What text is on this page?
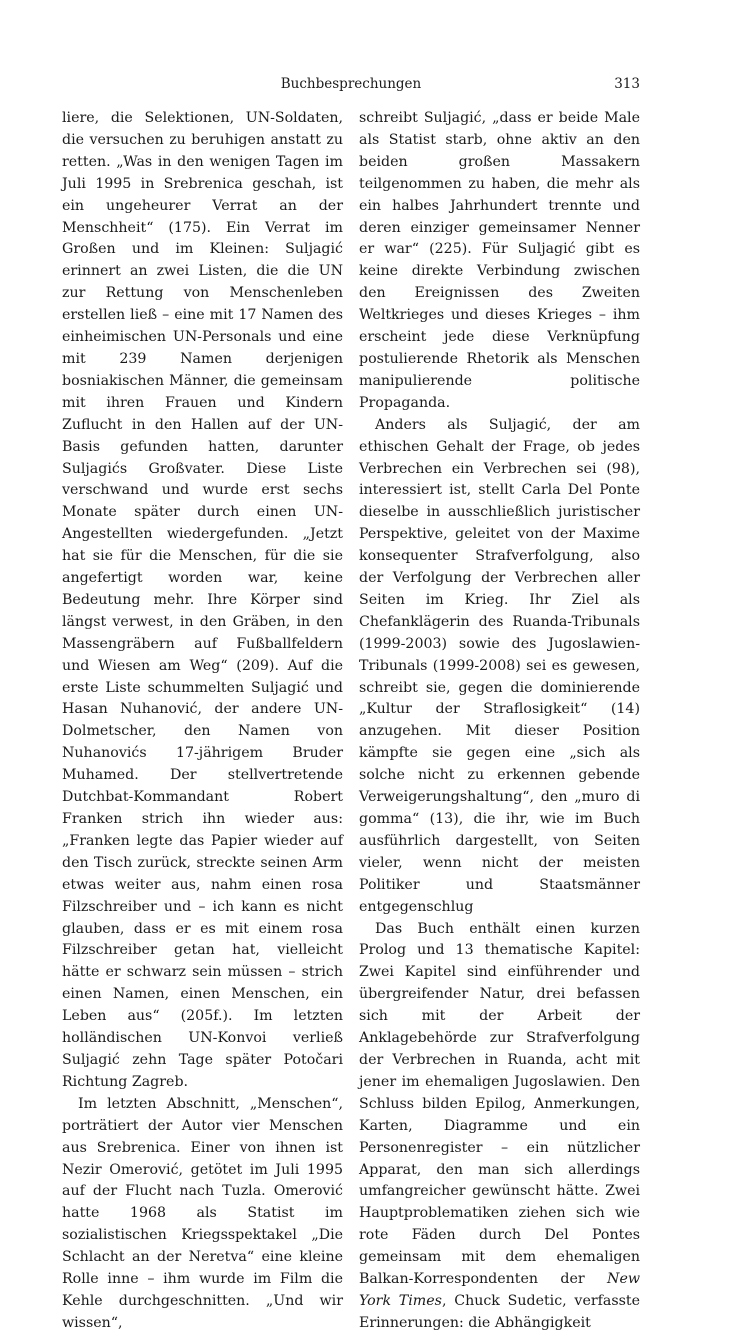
Buchbesprechungen	313

liere, die Selektionen, UN-Soldaten, die versuchen zu beruhigen anstatt zu retten. „Was in den wenigen Tagen im Juli 1995 in Srebrenica geschah, ist ein ungeheurer Verrat an der Menschheit“ (175). Ein Verrat im Großen und im Kleinen: Suljagić erinnert an zwei Listen, die die UN zur Rettung von Menschenleben erstellen ließ – eine mit 17 Namen des einheimischen UN-Personals und eine mit 239 Namen derjenigen bosniakischen Männer, die gemeinsam mit ihren Frauen und Kindern Zuflucht in den Hallen auf der UN-Basis gefunden hatten, darunter Suljagićs Großvater. Diese Liste verschwand und wurde erst sechs Monate später durch einen UN-Angestellten wiedergefunden. „Jetzt hat sie für die Menschen, für die sie angefertigt worden war, keine Bedeutung mehr. Ihre Körper sind längst verwest, in den Gräben, in den Massengräbern auf Fußballfeldern und Wiesen am Weg“ (209). Auf die erste Liste schummelten Suljagić und Hasan Nuhanović, der andere UN-Dolmetscher, den Namen von Nuhanovićs 17-jährigem Bruder Muhamed. Der stellvertretende Dutchbat-Kommandant Robert Franken strich ihn wieder aus: „Franken legte das Papier wieder auf den Tisch zurück, streckte seinen Arm etwas weiter aus, nahm einen rosa Filzschreiber und – ich kann es nicht glauben, dass er es mit einem rosa Filzschreiber getan hat, vielleicht hätte er schwarz sein müssen – strich einen Namen, einen Menschen, ein Leben aus“ (205f.). Im letzten holländischen UN-Konvoi verließ Suljagić zehn Tage später Potočari Richtung Zagreb.

Im letzten Abschnitt, „Menschen“, porträtiert der Autor vier Menschen aus Srebrenica. Einer von ihnen ist Nezir Omerović, getötet im Juli 1995 auf der Flucht nach Tuzla. Omerović hatte 1968 als Statist im sozialistischen Kriegsspektakel „Die Schlacht an der Neretva“ eine kleine Rolle inne – ihm wurde im Film die Kehle durchgeschnitten. „Und wir wissen“,

schreibt Suljagić, „dass er beide Male als Statist starb, ohne aktiv an den beiden großen Massakern teilgenommen zu haben, die mehr als ein halbes Jahrhundert trennte und deren einziger gemeinsamer Nenner er war“ (225). Für Suljagić gibt es keine direkte Verbindung zwischen den Ereignissen des Zweiten Weltkrieges und dieses Krieges – ihm erscheint jede diese Verknüpfung postulierende Rhetorik als Menschen manipulierende politische Propaganda.

Anders als Suljagić, der am ethischen Gehalt der Frage, ob jedes Verbrechen ein Verbrechen sei (98), interessiert ist, stellt Carla Del Ponte dieselbe in ausschließlich juristischer Perspektive, geleitet von der Maxime konsequenter Strafverfolgung, also der Verfolgung der Verbrechen aller Seiten im Krieg. Ihr Ziel als Chefanklägerin des Ruanda-Tribunals (1999-2003) sowie des Jugoslawien-Tribunals (1999-2008) sei es gewesen, schreibt sie, gegen die dominierende „Kultur der Straflosigkeit“ (14) anzugehen. Mit dieser Position kämpfte sie gegen eine „sich als solche nicht zu erkennen gebende Verweigerungshaltung“, den „muro di gomma“ (13), die ihr, wie im Buch ausführlich dargestellt, von Seiten vieler, wenn nicht der meisten Politiker und Staatsmänner entgegenschlug

Das Buch enthält einen kurzen Prolog und 13 thematische Kapitel: Zwei Kapitel sind einführender und übergreifender Natur, drei befassen sich mit der Arbeit der Anklagebehörde zur Strafverfolgung der Verbrechen in Ruanda, acht mit jener im ehemaligen Jugoslawien. Den Schluss bilden Epilog, Anmerkungen, Karten, Diagramme und ein Personenregister – ein nützlicher Apparat, den man sich allerdings umfangreicher gewünscht hätte. Zwei Hauptproblematiken ziehen sich wie rote Fäden durch Del Pontes gemeinsam mit dem ehemaligen Balkan-Korrespondenten der New York Times, Chuck Sudetic, verfasste Erinnerungen: die Abhängigkeit
